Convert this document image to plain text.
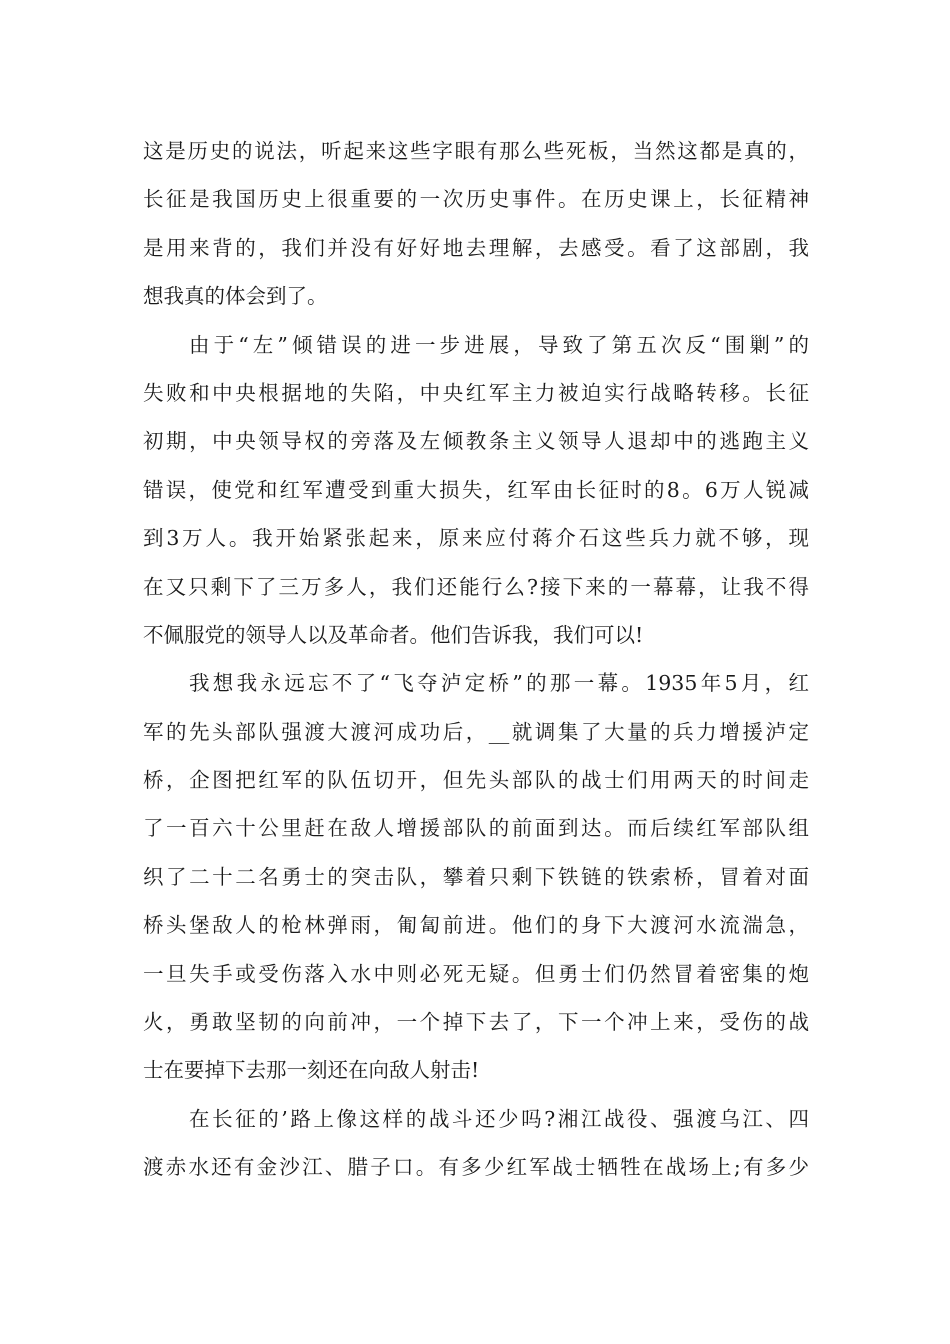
这是历史的说法，听起来这些字眼有那么些死板，当然这都是真的，
长征是我国历史上很重要的一次历史事件。在历史课上，长征精神
是用来背的，我们并没有好好地去理解，去感受。看了这部剧，我
想我真的体会到了。
由于“左”倾错误的进一步进展，导致了第五次反“围剿”的
失败和中央根据地的失陷，中央红军主力被迫实行战略转移。长征
初期，中央领导权的旁落及左倾教条主义领导人退却中的逃跑主义
错误，使党和红军遭受到重大损失，红军由长征时的8。6万人锐减
到3万人。我开始紧张起来，原来应付蒋介石这些兵力就不够，现
在又只剩下了三万多人，我们还能行么?接下来的一幕幕，让我不得
不佩服党的领导人以及革命者。他们告诉我，我们可以!
我想我永远忘不了“飞夺泸定桥”的那一幕。1935年5月，红
军的先头部队强渡大渡河成功后，__就调集了大量的兵力增援泸定
桥，企图把红军的队伍切开，但先头部队的战士们用两天的时间走
了一百六十公里赶在敌人增援部队的前面到达。而后续红军部队组
织了二十二名勇士的突击队，攀着只剩下铁链的铁索桥，冒着对面
桥头堡敌人的枪林弹雨，匍匐前进。他们的身下大渡河水流湍急，
一旦失手或受伤落入水中则必死无疑。但勇士们仍然冒着密集的炮
火，勇敢坚韧的向前冲，一个掉下去了，下一个冲上来，受伤的战
士在要掉下去那一刻还在向敌人射击!
在长征的’路上像这样的战斗还少吗?湘江战役、强渡乌江、四
渡赤水还有金沙江、腊子口。有多少红军战士牺牲在战场上;有多少
